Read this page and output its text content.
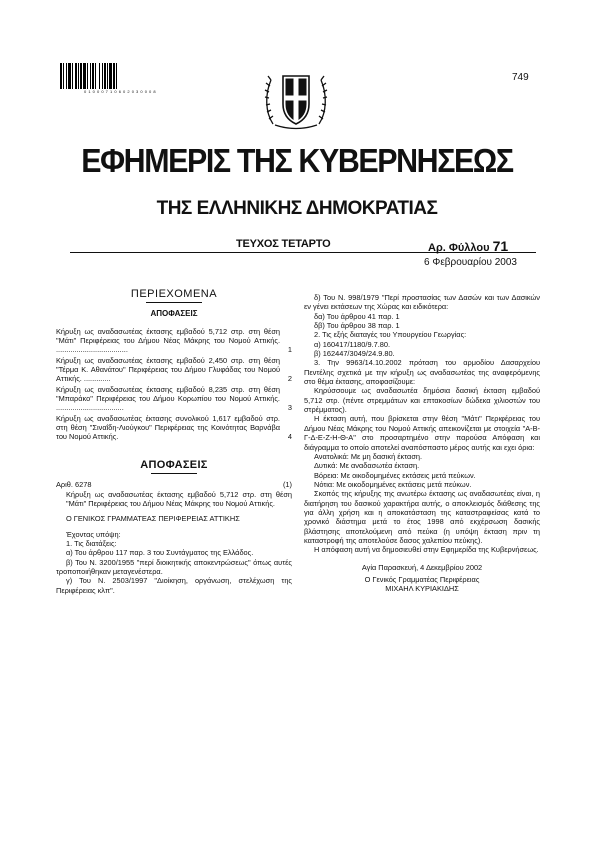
0 1 0 0 0 7 1 0 6 0 2 0 3 0 0 0 8
749
ΕΦΗΜΕΡΙΣ ΤΗΣ ΚΥΒΕΡΝΗΣΕΩΣ
ΤΗΣ ΕΛΛΗΝΙΚΗΣ ΔΗΜΟΚΡΑΤΙΑΣ
ΤΕΥΧΟΣ ΤΕΤΑΡΤΟ	Αρ. Φύλλου 71
6 Φεβρουαρίου 2003

ΠΕΡΙΕΧΟΜΕΝΑ

ΑΠΟΦΑΣΕΙΣ

Κήρυξη ως αναδασωτέας έκτασης εμβαδού 5,712 στρ. στη θέση "Μάτι" Περιφέρειας του Δήμου Νέας Μάκρης του Νομού Αττικής. ...................................	1

Κήρυξη ως αναδασωτέας έκτασης εμβαδού 2,450 στρ. στη θέση "Τέρμα Κ. Αθανάτου" Περιφέρειας του Δήμου Γλυφάδας του Νομού Αττικής. .............	2

Κήρυξη ως αναδασωτέας έκτασης εμβαδού 8,235 στρ. στη θέση "Μπαράκο" Περιφέρειας του Δήμου Κορωπίου του Νομού Αττικής. .................................	3

Κήρυξη ως αναδασωτέας έκτασης συνολικού 1,617 εμβαδού στρ. στη θέση "Σιναΐδη-Λιούγκου" Περιφέρειας της Κοινότητας Βαρνάβα του Νομού Αττικής.	4

ΑΠΟΦΑΣΕΙΣ

Αριθ. 6278	(1)

Κήρυξη ως αναδασωτέας έκτασης εμβαδού 5,712 στρ. στη θέση "Μάτι" Περιφέρειας του Δήμου Νέας Μάκρης του Νομού Αττικής.

Ο ΓΕΝΙΚΟΣ ΓΡΑΜΜΑΤΕΑΣ ΠΕΡΙΦΕΡΕΙΑΣ ΑΤΤΙΚΗΣ

Έχοντας υπόψη:

1. Τις διατάξεις:

α) Του άρθρου 117 παρ. 3 του Συντάγματος της Ελλάδος.

β) Του Ν. 3200/1955 "περί διοικητικής αποκεντρώσεως" όπως αυτές τροποποιήθηκαν μεταγενέστερα.

γ) Του Ν. 2503/1997 "Διοίκηση, οργάνωση, στελέχωση της Περιφέρειας κλπ".

δ) Του Ν. 998/1979 "Περί προστασίας των Δασών και των Δασικών εν γένει εκτάσεων της Χώρας και ειδικότερα:

δα) Του άρθρου 41 παρ. 1

δβ) Του άρθρου 38 παρ. 1

2. Τις εξής διαταγές του Υπουργείου Γεωργίας:

α) 160417/1180/9.7.80.

β) 162447/3049/24.9.80.

3. Την 9963/14.10.2002 πρόταση του αρμοδίου Δασαρχείου Πεντέλης σχετικά με την κήρυξη ως αναδασωτέας της αναφερόμενης στο θέμα έκτασης, αποφασίζουμε:

Κηρύσσουμε ως αναδασωτέα δημόσια δασική έκταση εμβαδού 5,712 στρ. (πέντε στρεμμάτων και επτακοσίων δώδεκα χιλιοστών του στρέμματος).

Η έκταση αυτή, που βρίσκεται στην θέση "Μάτι" Περιφέρειας του Δήμου Νέας Μάκρης του Νομού Αττικής απεικονίζεται με στοιχεία "Α-Β-Γ-Δ-Ε-Ζ-Η-Θ-Α" στο προσαρτημένο στην παρούσα Απόφαση και διάγραμμα το οποίο αποτελεί αναπόσπαστο μέρος αυτής και εχει όρια:

Ανατολικά: Με μη δασική έκταση.

Δυτικά: Με αναδασωτέα έκταση.

Βόρεια: Με οικοδομημένες εκτάσεις μετά πεύκων.

Νότια: Με οικοδομημένες εκτάσεις μετά πεύκων.

Σκοπός της κήρυξης της ανωτέρω έκτασης ως αναδασωτέας είναι, η διατήρηση του δασικού χαρακτήρα αυτής, ο αποκλεισμός διάθεσης της για άλλη χρήση και η αποκατάσταση της καταστραφείσας κατά το χρονικό διάστημα μετά το έτος 1998 από εκχέρσωση δασικής βλάστησης αποτελούμενη από πεύκα (η υπόψη έκταση πριν τη καταστροφή της αποτελούσε δασος χαλεπίου πεύκης).

Η απόφαση αυτή να δημοσιευθεί στην Εφημερίδα της Κυβερνήσεως.

Αγία Παρασκευή, 4 Δεκεμβρίου 2002

Ο Γενικός Γραμματέας Περιφέρειας

ΜΙΧΑΗΛ ΚΥΡΙΑΚΙΔΗΣ
